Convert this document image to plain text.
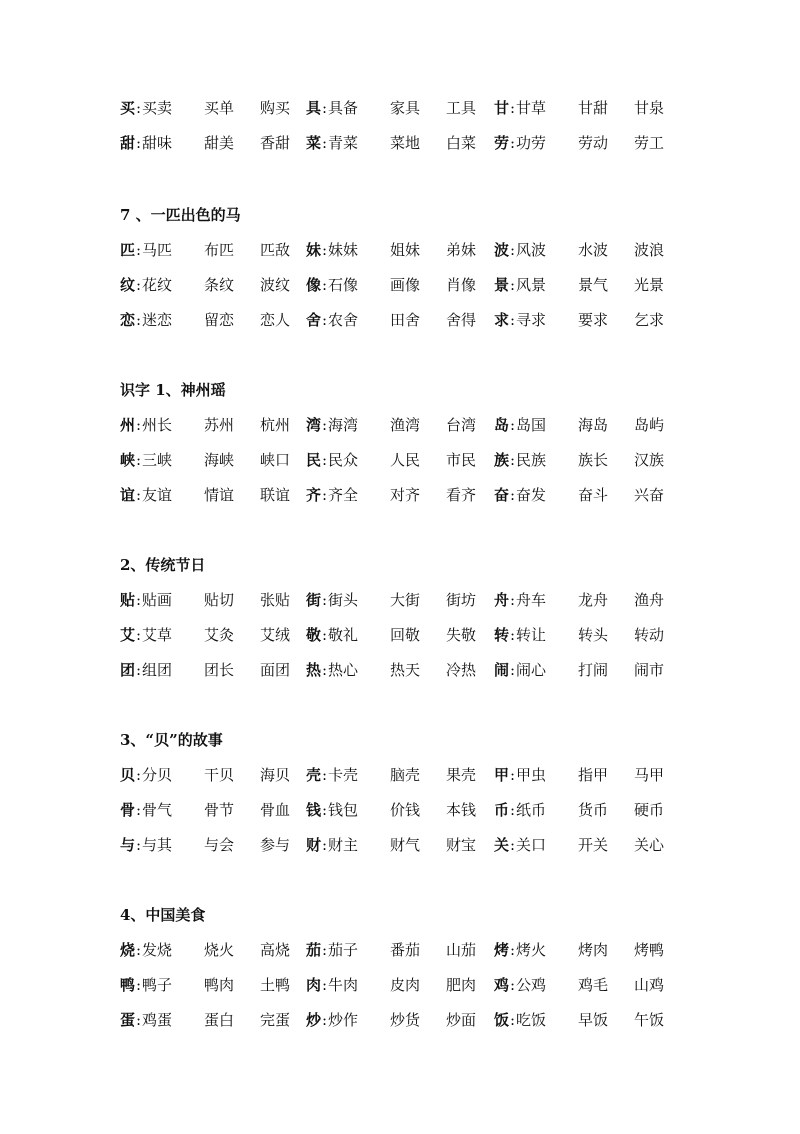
买 : 买卖 买单 购买 具 : 具备 家具 工具 甘 : 甘草 甘甜 甘泉
甜 : 甜味 甜美 香甜 菜 : 青菜 菜地 白菜 劳 : 功劳 劳动 劳工
7 、一匹出色的马
匹 : 马匹 布匹 匹敌 妹 : 妹妹 姐妹 弟妹 波 : 风波 水波 波浪
纹 : 花纹 条纹 波纹 像 : 石像 画像 肖像 景 : 风景 景气 光景
恋 : 迷恋 留恋 恋人 舍 : 农舍 田舍 舍得 求 : 寻求 要求 乞求
识字 1、神州瑶
州 : 州长 苏州 杭州 湾 : 海湾 渔湾 台湾 岛 : 岛国 海岛 岛屿
峡 : 三峡 海峡 峡口 民 : 民众 人民 市民 族 : 民族 族长 汉族
谊 : 友谊 情谊 联谊 齐 : 齐全 对齐 看齐 奋 : 奋发 奋斗 兴奋
2、传统节日
贴 : 贴画 贴切 张贴 街 : 街头 大街 街坊 舟 : 舟车 龙舟 渔舟
艾 : 艾草 艾灸 艾绒 敬 : 敬礼 回敬 失敬 转 : 转让 转头 转动
团 : 组团 团长 面团 热 : 热心 热天 冷热 闹 : 闹心 打闹 闹市
3、“贝”的故事
贝 : 分贝 干贝 海贝 壳 : 卡壳 脑壳 果壳 甲 : 甲虫 指甲 马甲
骨 : 骨气 骨节 骨血 钱 : 钱包 价钱 本钱 币 : 纸币 货币 硬币
与 : 与其 与会 参与 财 : 财主 财气 财宝 关 : 关口 开关 关心
4、中国美食
烧 : 发烧 烧火 高烧 茄 : 茄子 番茄 山茄 烤 : 烤火 烤肉 烤鸭
鸭 : 鸭子 鸭肉 土鸭 肉 : 牛肉 皮肉 肥肉 鸡 : 公鸡 鸡毛 山鸡
蛋 : 鸡蛋 蛋白 完蛋 炒 : 炒作 炒货 炒面 饭 : 吃饭 早饭 午饭
